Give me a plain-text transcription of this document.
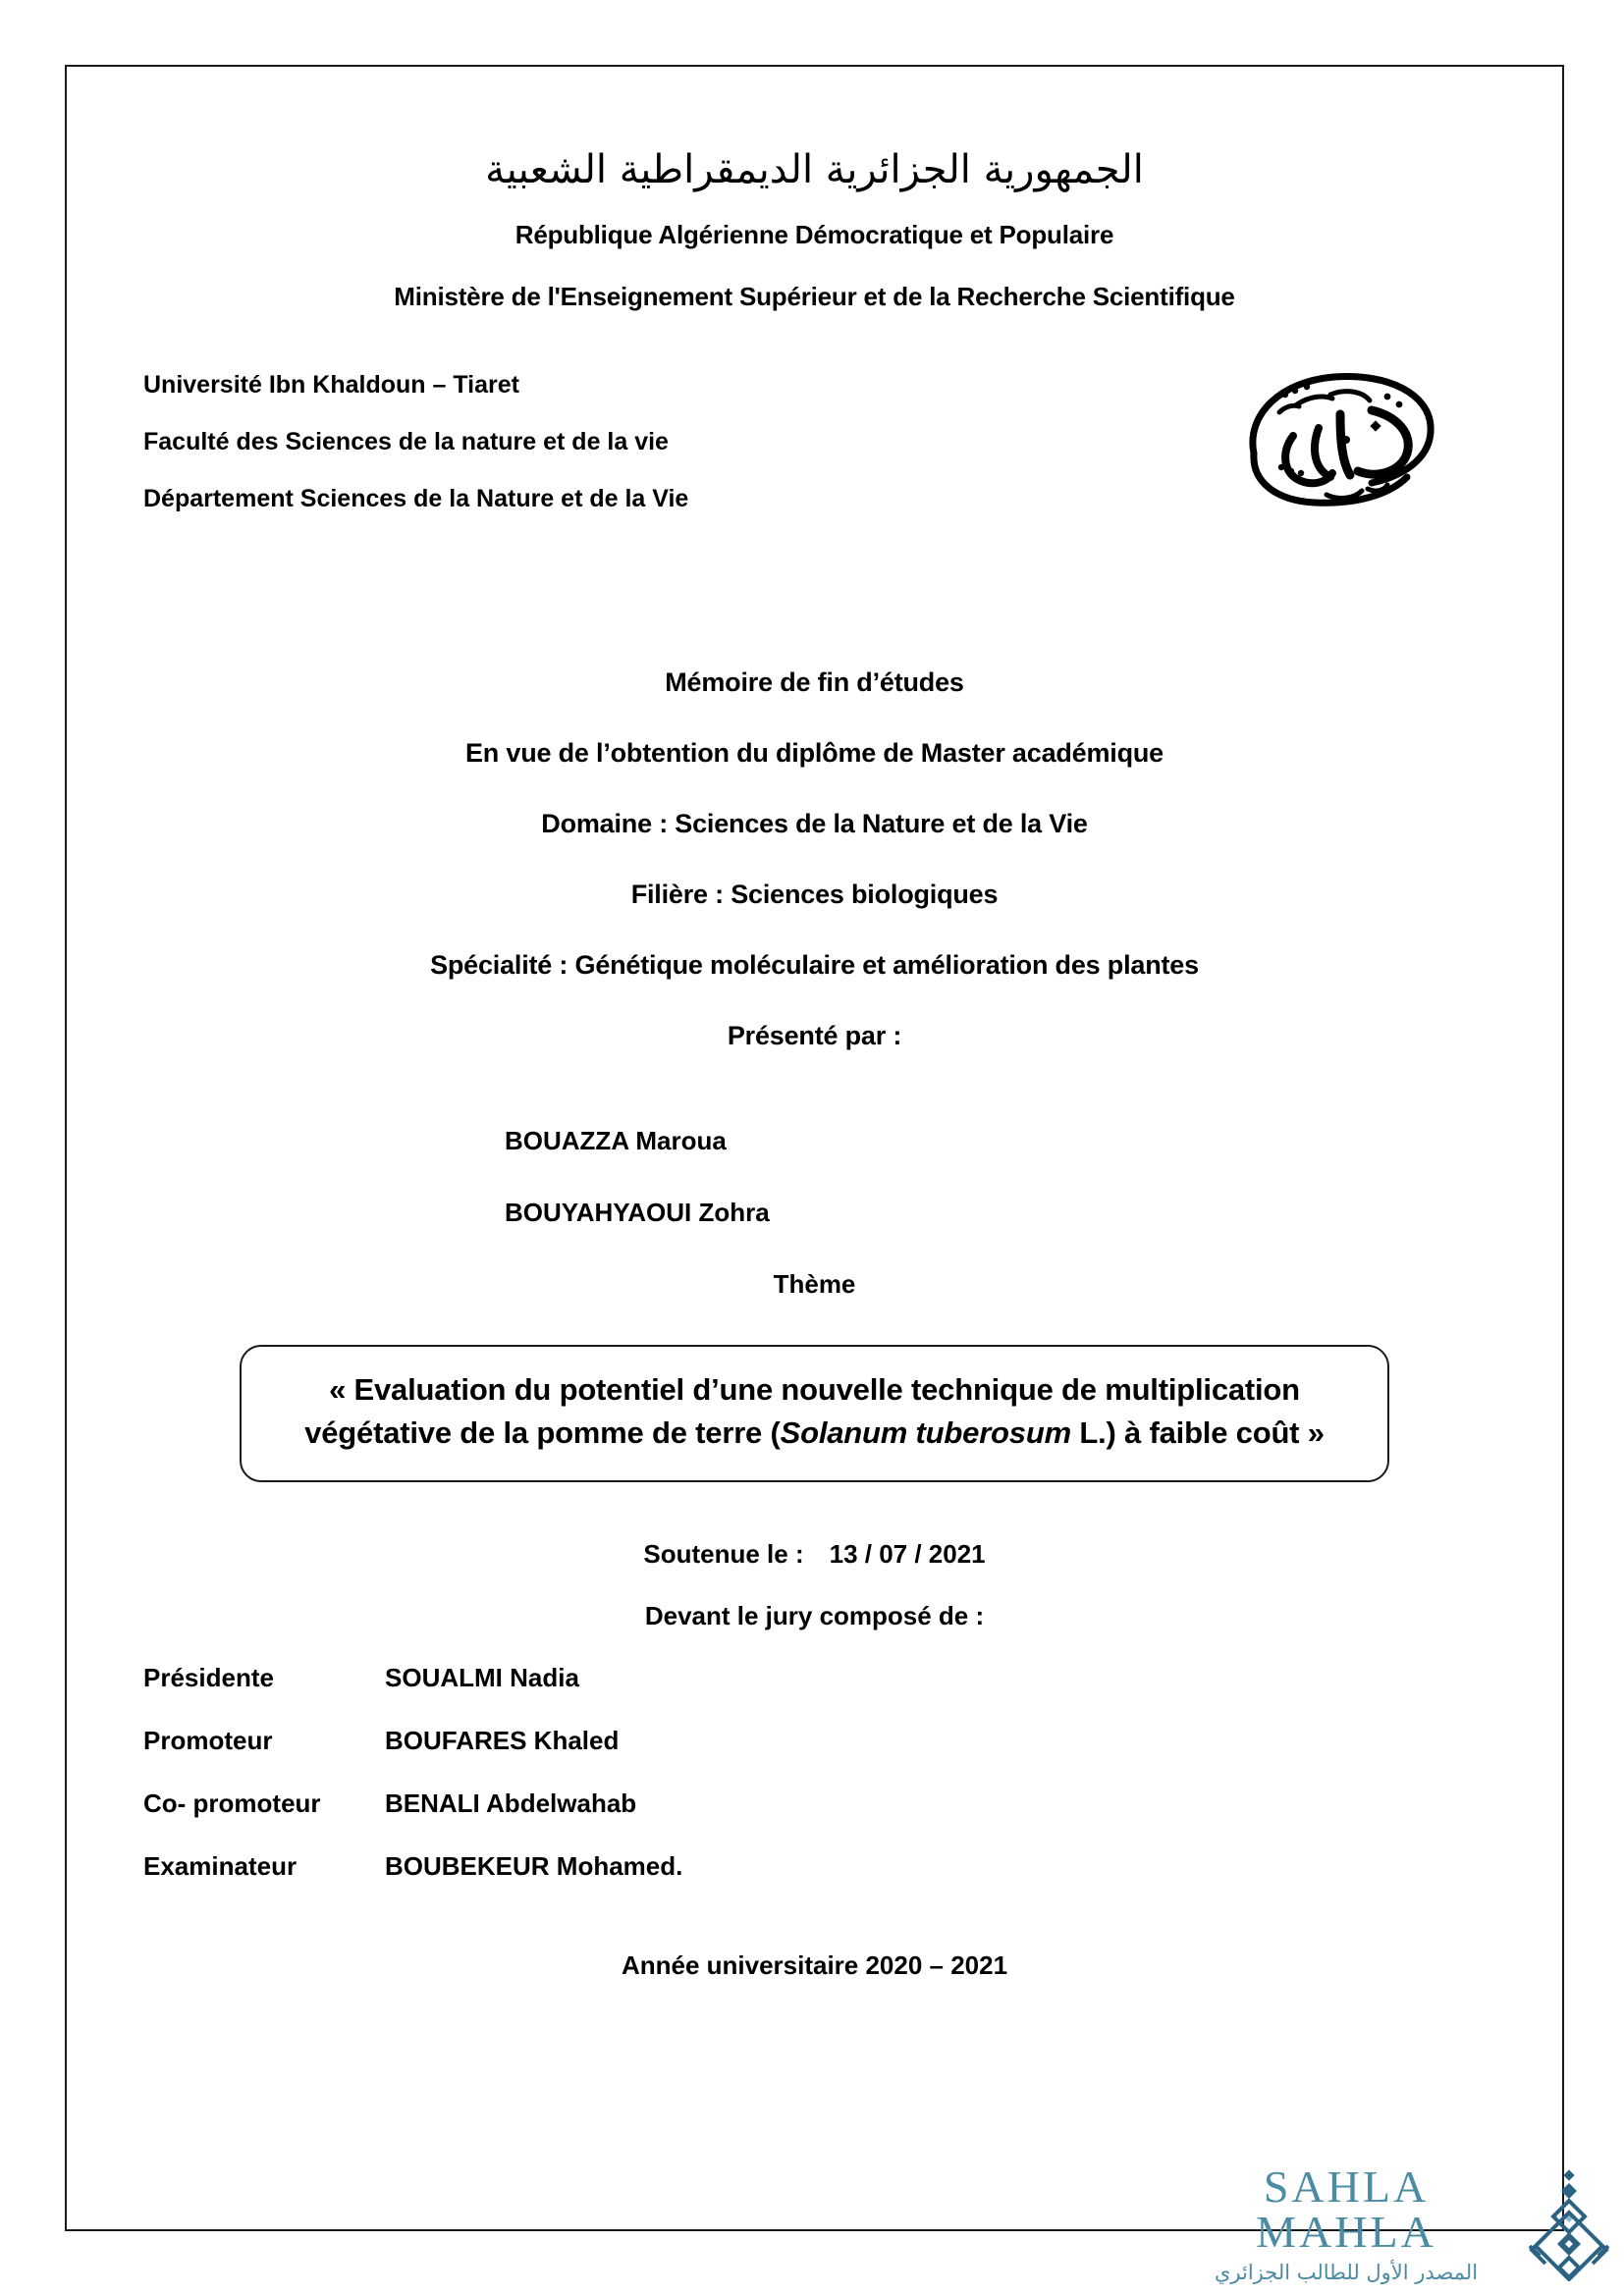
الجمهورية الجزائرية الديمقراطية الشعبية
République Algérienne Démocratique et Populaire
Ministère de l'Enseignement Supérieur et de la Recherche Scientifique
Université Ibn Khaldoun – Tiaret
Faculté des Sciences de la nature et de la vie
Département Sciences de la Nature et de la Vie
Mémoire de fin d’études
En vue de l’obtention du diplôme de Master académique
Domaine : Sciences de la Nature et de la Vie
Filière : Sciences biologiques
Spécialité : Génétique moléculaire et amélioration des plantes
Présenté par :
BOUAZZA Maroua
BOUYAHYAOUI Zohra
Thème
« Evaluation du potentiel d’une nouvelle technique de multiplication végétative de la pomme de terre (Solanum tuberosum L.) à faible coût »
Soutenue le : 13 / 07 / 2021
Devant le jury composé de :
Présidente	SOUALMI Nadia
Promoteur	BOUFARES Khaled
Co- promoteur	BENALI Abdelwahab
Examinateur	BOUBEKEUR Mohamed.
Année universitaire 2020 – 2021
SAHLA MAHLA
المصدر الأول للطالب الجزائري
